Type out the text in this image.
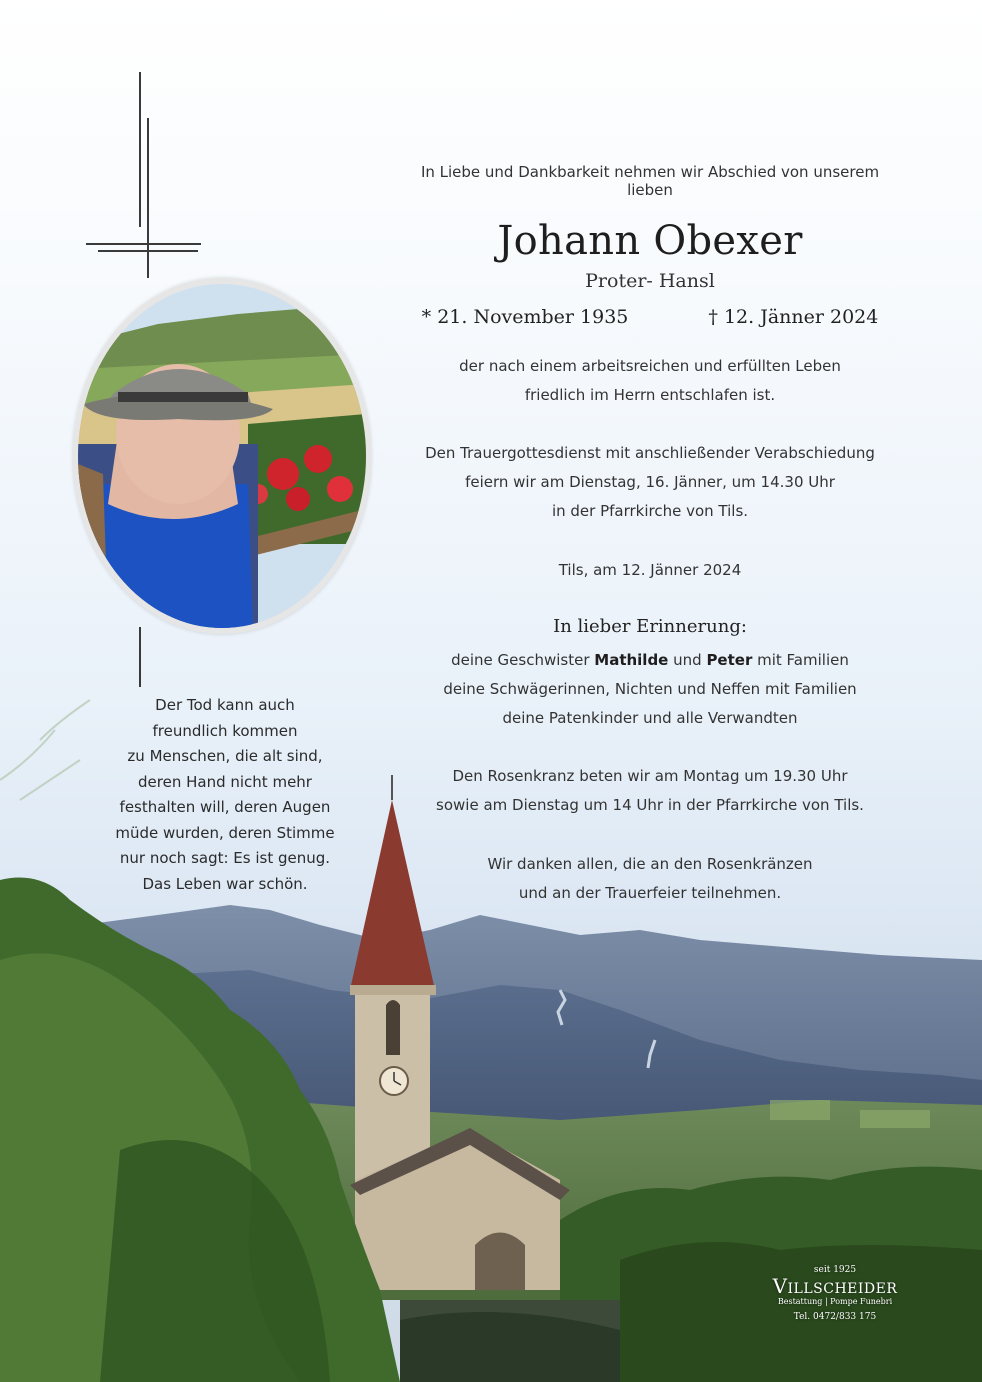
In Liebe und Dankbarkeit nehmen wir Abschied von unserem lieben
Johann Obexer
Proter- Hansl
* 21. November 1935	† 12. Jänner 2024
der nach einem arbeitsreichen und erfüllten Leben
friedlich im Herrn entschlafen ist.
Den Trauergottesdienst mit anschließender Verabschiedung
feiern wir am Dienstag, 16. Jänner, um 14.30 Uhr
in der Pfarrkirche von Tils.
Tils, am 12. Jänner 2024
In lieber Erinnerung:
deine Geschwister Mathilde und Peter mit Familien
deine Schwägerinnen, Nichten und Neffen mit Familien
deine Patenkinder und alle Verwandten
Den Rosenkranz beten wir am Montag um 19.30 Uhr
sowie am Dienstag um 14 Uhr in der Pfarrkirche von Tils.
Wir danken allen, die an den Rosenkränzen
und an der Trauerfeier teilnehmen.
Der Tod kann auch
freundlich kommen
zu Menschen, die alt sind,
deren Hand nicht mehr
festhalten will, deren Augen
müde wurden, deren Stimme
nur noch sagt: Es ist genug.
Das Leben war schön.
seit 1925
Villscheider
Bestattung | Pompe Funebri
Tel. 0472/833 175
